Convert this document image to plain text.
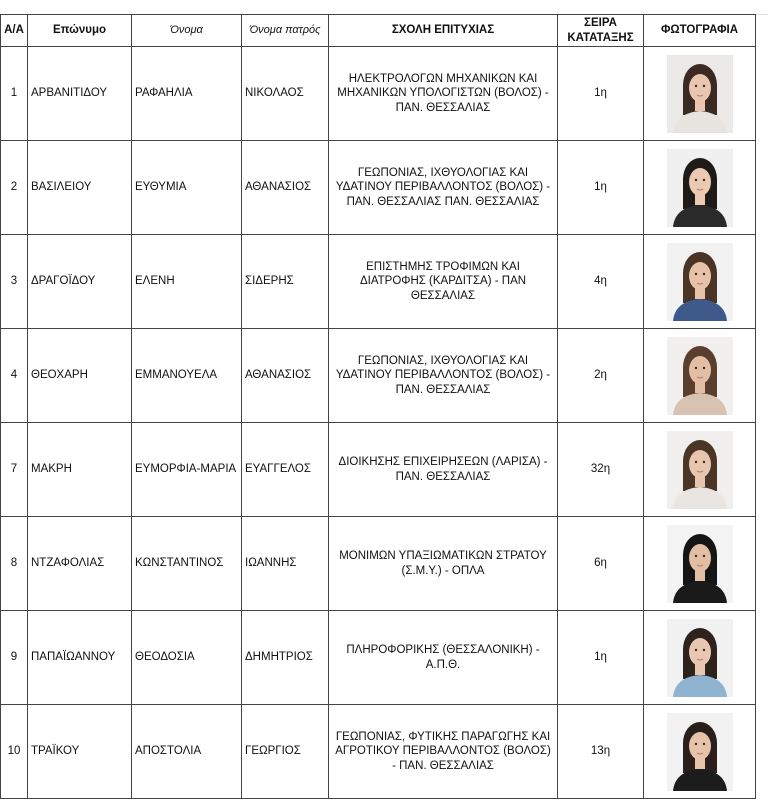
Α/Α	Επώνυμο	Όνομα	Όνομα πατρός	ΣΧΟΛΗ ΕΠΙΤΥΧΙΑΣ	ΣΕΙΡΑ ΚΑΤΑΤΑΞΗΣ	ΦΩΤΟΓΡΑΦΙΑ
1	ΑΡΒΑΝΙΤΙΔΟΥ	ΡΑΦΑΗΛΙΑ	ΝΙΚΟΛΑΟΣ	ΗΛΕΚΤΡΟΛΟΓΩΝ ΜΗΧΑΝΙΚΩΝ ΚΑΙ ΜΗΧΑΝΙΚΩΝ ΥΠΟΛΟΓΙΣΤΩΝ (ΒΟΛΟΣ) - ΠΑΝ. ΘΕΣΣΑΛΙΑΣ	1η	

2	ΒΑΣΙΛΕΙΟΥ	ΕΥΘΥΜΙΑ	ΑΘΑΝΑΣΙΟΣ	ΓΕΩΠΟΝΙΑΣ, ΙΧΘΥΟΛΟΓΙΑΣ ΚΑΙ ΥΔΑΤΙΝΟΥ ΠΕΡΙΒΑΛΛΟΝΤΟΣ (ΒΟΛΟΣ) - ΠΑΝ. ΘΕΣΣΑΛΙΑΣ ΠΑΝ. ΘΕΣΣΑΛΙΑΣ	1η	

3	ΔΡΑΓΟΪΔΟΥ	ΕΛΕΝΗ	ΣΙΔΕΡΗΣ	ΕΠΙΣΤΗΜΗΣ ΤΡΟΦΙΜΩΝ ΚΑΙ ΔΙΑΤΡΟΦΗΣ (ΚΑΡΔΙΤΣΑ) - ΠΑΝ ΘΕΣΣΑΛΙΑΣ	4η	

4	ΘΕΟΧΑΡΗ	ΕΜΜΑΝΟΥΕΛΑ	ΑΘΑΝΑΣΙΟΣ	ΓΕΩΠΟΝΙΑΣ, ΙΧΘΥΟΛΟΓΙΑΣ ΚΑΙ ΥΔΑΤΙΝΟΥ ΠΕΡΙΒΑΛΛΟΝΤΟΣ (ΒΟΛΟΣ) - ΠΑΝ. ΘΕΣΣΑΛΙΑΣ	2η	

7	ΜΑΚΡΗ	ΕΥΜΟΡΦΙΑ-ΜΑΡΙΑ	ΕΥΑΓΓΕΛΟΣ	ΔΙΟΙΚΗΣΗΣ ΕΠΙΧΕΙΡΗΣΕΩΝ (ΛΑΡΙΣΑ) - ΠΑΝ. ΘΕΣΣΑΛΙΑΣ	32η	

8	ΝΤΖΑΦΟΛΙΑΣ	ΚΩΝΣΤΑΝΤΙΝΟΣ	ΙΩΑΝΝΗΣ	ΜΟΝΙΜΩΝ ΥΠΑΞΙΩΜΑΤΙΚΩΝ ΣΤΡΑΤΟΥ (Σ.Μ.Υ.) - ΟΠΛΑ	6η	

9	ΠΑΠΑΪΩΑΝΝΟΥ	ΘΕΟΔΟΣΙΑ	ΔΗΜΗΤΡΙΟΣ	ΠΛΗΡΟΦΟΡΙΚΗΣ (ΘΕΣΣΑΛΟΝΙΚΗ) - Α.Π.Θ.	1η	

10	ΤΡΑΪΚΟΥ	ΑΠΟΣΤΟΛΙΑ	ΓΕΩΡΓΙΟΣ	ΓΕΩΠΟΝΙΑΣ, ΦΥΤΙΚΗΣ ΠΑΡΑΓΩΓΗΣ ΚΑΙ ΑΓΡΟΤΙΚΟΥ ΠΕΡΙΒΑΛΛΟΝΤΟΣ (ΒΟΛΟΣ) - ΠΑΝ. ΘΕΣΣΑΛΙΑΣ	13η	
